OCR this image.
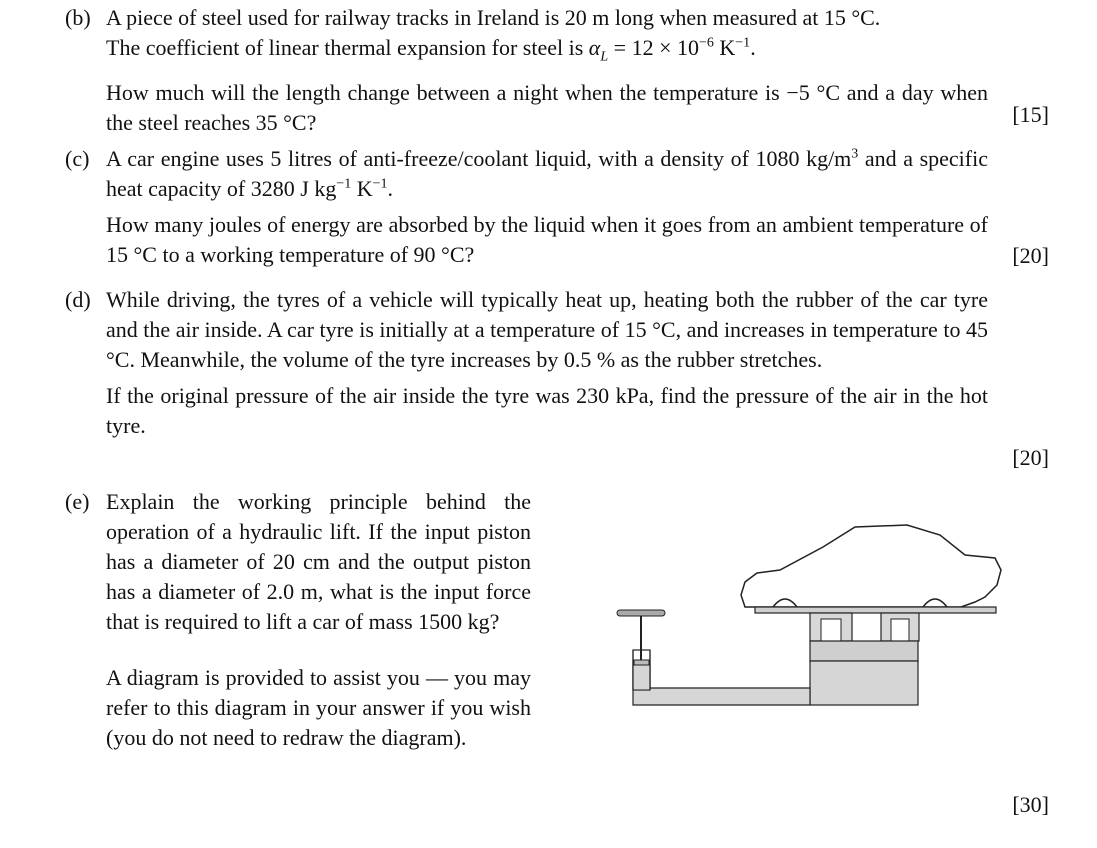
(b) A piece of steel used for railway tracks in Ireland is 20 m long when measured at 15 °C.
The coefficient of linear thermal expansion for steel is $\alpha_L = 12 \times 10^{-6}$ $K^{-1}$.

How much will the length change between a night when the temperature is −5 °C and a day when the steel reaches 35 °C?	[15]
(c) A car engine uses 5 litres of anti-freeze/coolant liquid, with a density of 1080 $kg/m^3$ and a specific heat capacity of 3280 J $kg^{-1}$ $K^{-1}$.

How many joules of energy are absorbed by the liquid when it goes from an ambient temperature of 15 °C to a working temperature of 90 °C?	[20]
(d) While driving, the tyres of a vehicle will typically heat up, heating both the rubber of the car tyre and the air inside. A car tyre is initially at a temperature of 15 °C, and increases in temperature to 45 °C. Meanwhile, the volume of the tyre increases by 0.5 % as the rubber stretches.

If the original pressure of the air inside the tyre was 230 kPa, find the pressure of the air in the hot tyre.

[20]
(e) Explain the working principle behind the operation of a hydraulic lift. If the input piston has a diameter of 20 cm and the output piston has a diameter of 2.0 m, what is the input force that is required to lift a car of mass 1500 kg?

A diagram is provided to assist you — you may refer to this diagram in your answer if you wish (you do not need to redraw the diagram).

[30]
